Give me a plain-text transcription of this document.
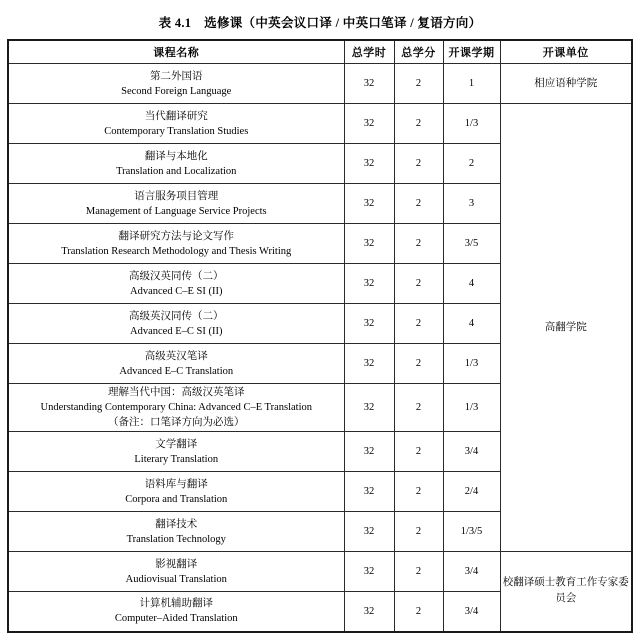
表 4.1　选修课（中英会议口译 / 中英口笔译 / 复语方向）
课程名称	总学时	总学分	开课学期	开课单位

第二外国语
Second Foreign Language	32	2	1	相应语种学院

当代翻译研究
Contemporary Translation Studies	32	2	1/3	高翻学院

翻译与本地化
Translation and Localization	32	2	2	

语言服务项目管理
Management of Language Service Projects	32	2	3	

翻译研究方法与论文写作
Translation Research Methodology and Thesis Writing	32	2	3/5	

高级汉英同传（二）
Advanced C–E SI (II)	32	2	4	

高级英汉同传（二）
Advanced E–C SI (II)	32	2	4	

高级英汉笔译
Advanced E–C Translation	32	2	1/3	

理解当代中国：高级汉英笔译
Understanding Contemporary China: Advanced C–E Translation
（备注：口笔译方向为必选）	32	2	1/3	

文学翻译
Literary Translation	32	2	3/4	

语料库与翻译
Corpora and Translation	32	2	2/4	

翻译技术
Translation Technology	32	2	1/3/5	

影视翻译
Audiovisual Translation	32	2	3/4	校翻译硕士教育工作专家委员会

计算机辅助翻译
Computer–Aided Translation	32	2	3/4	
